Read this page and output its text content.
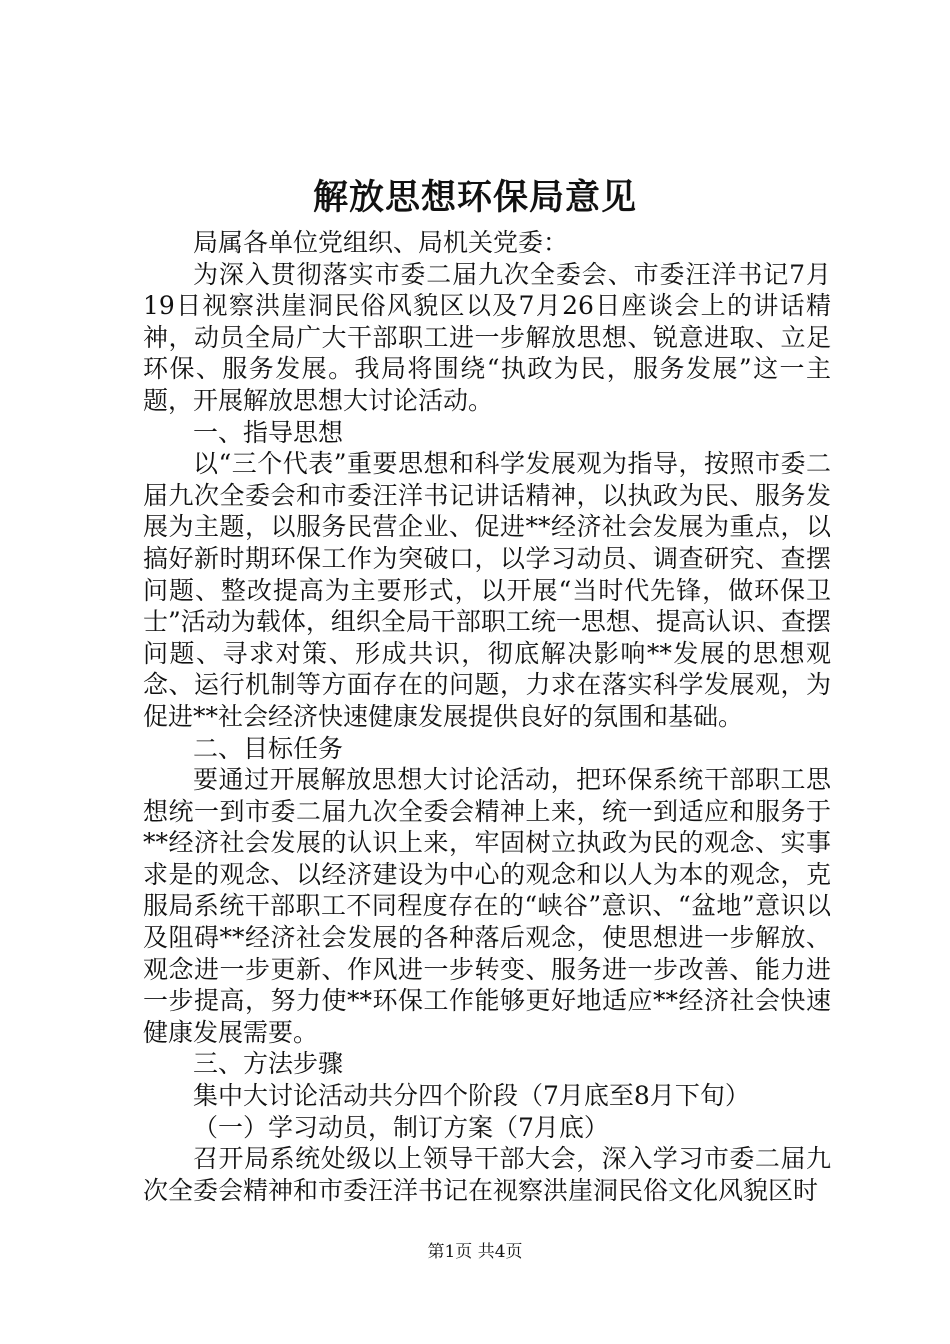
解放思想环保局意见

局属各单位党组织、局机关党委：

为深入贯彻落实市委二届九次全委会、市委汪洋书记7月19日视察洪崖洞民俗风貌区以及7月26日座谈会上的讲话精神，动员全局广大干部职工进一步解放思想、锐意进取、立足环保、服务发展。我局将围绕“执政为民，服务发展”这一主题，开展解放思想大讨论活动。

一、指导思想

以“三个代表”重要思想和科学发展观为指导，按照市委二届九次全委会和市委汪洋书记讲话精神，以执政为民、服务发展为主题，以服务民营企业、促进**经济社会发展为重点，以搞好新时期环保工作为突破口，以学习动员、调查研究、查摆问题、整改提高为主要形式，以开展“当时代先锋，做环保卫士”活动为载体，组织全局干部职工统一思想、提高认识、查摆问题、寻求对策、形成共识，彻底解决影响**发展的思想观念、运行机制等方面存在的问题，力求在落实科学发展观，为促进**社会经济快速健康发展提供良好的氛围和基础。

二、目标任务

要通过开展解放思想大讨论活动，把环保系统干部职工思想统一到市委二届九次全委会精神上来，统一到适应和服务于**经济社会发展的认识上来，牢固树立执政为民的观念、实事求是的观念、以经济建设为中心的观念和以人为本的观念，克服局系统干部职工不同程度存在的“峡谷”意识、“盆地”意识以及阻碍**经济社会发展的各种落后观念，使思想进一步解放、观念进一步更新、作风进一步转变、服务进一步改善、能力进一步提高，努力使**环保工作能够更好地适应**经济社会快速健康发展需要。

三、方法步骤

集中大讨论活动共分四个阶段（7月底至8月下旬）

（一）学习动员，制订方案（7月底）

召开局系统处级以上领导干部大会，深入学习市委二届九次全委会精神和市委汪洋书记在视察洪崖洞民俗文化风貌区时

第1页 共4页
